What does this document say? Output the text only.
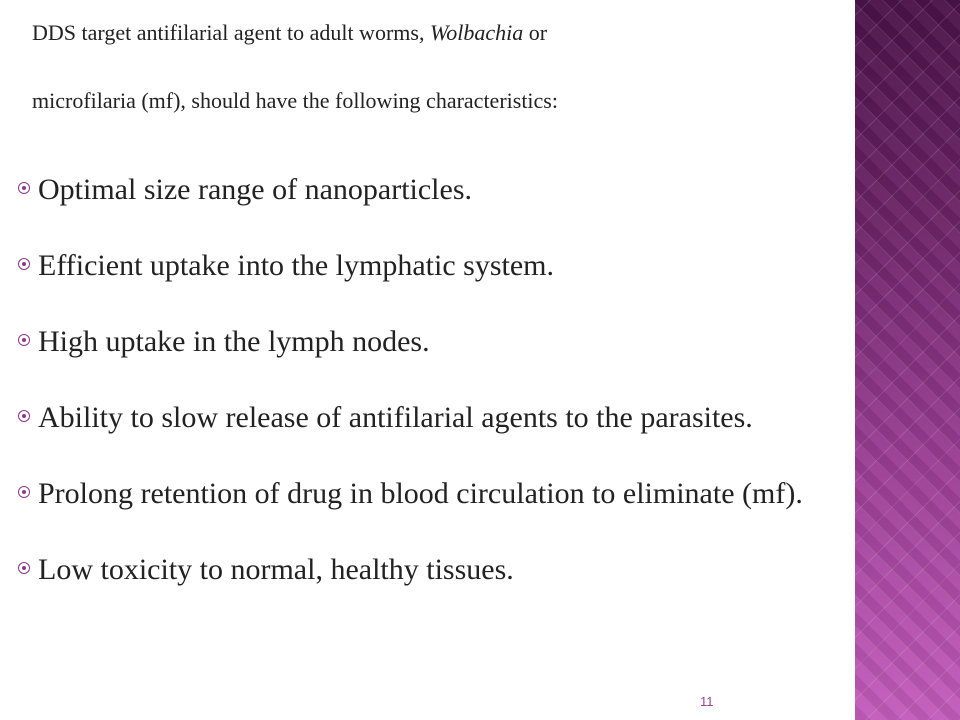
DDS target antifilarial agent to adult worms, Wolbachia or

microfilaria (mf), should have the following characteristics:

Optimal size range of nanoparticles.
Efficient uptake into the lymphatic system.
High uptake in the lymph nodes.
Ability to slow release of antifilarial agents to the parasites.
Prolong retention of drug in blood circulation to eliminate (mf).
Low toxicity to normal, healthy tissues.
11
